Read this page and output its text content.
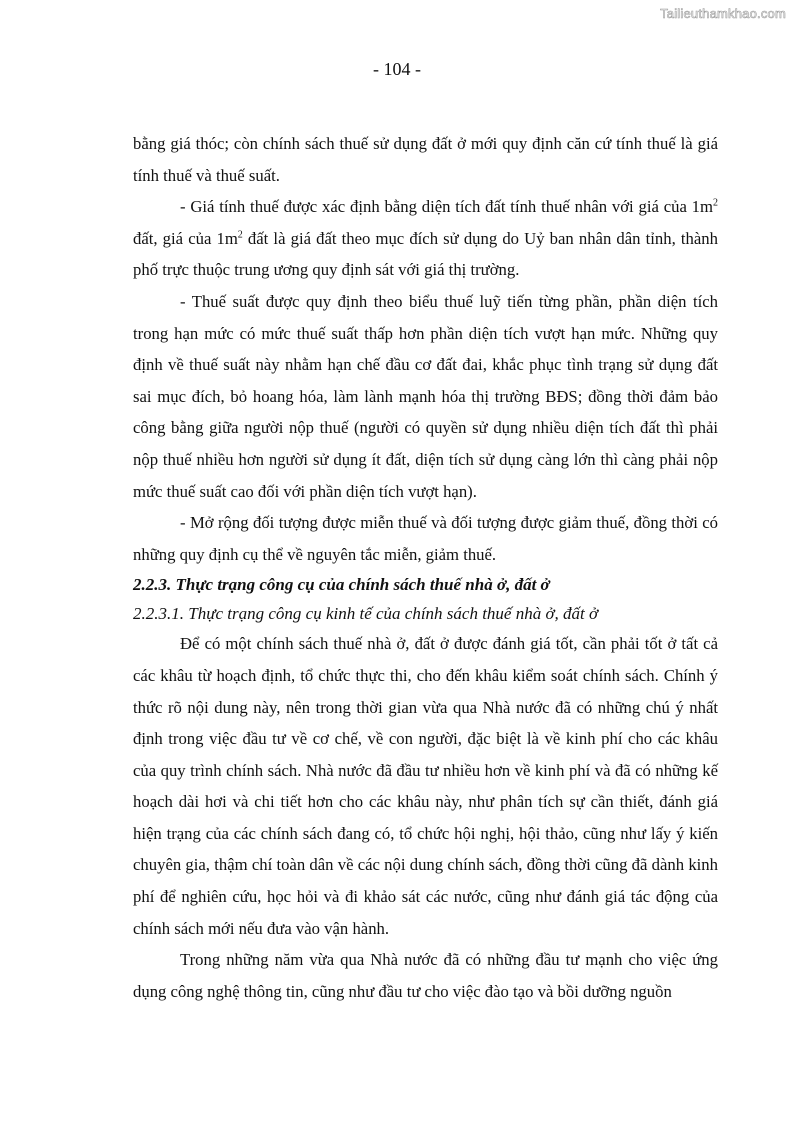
Tailieuthamkhao.com
- 104 -

bằng giá thóc; còn chính sách thuế sử dụng đất ở mới quy định căn cứ tính thuế là giá tính thuế và thuế suất.

- Giá tính thuế được xác định bằng diện tích đất tính thuế nhân với giá của $1m^2$ đất, giá của $1m^2$ đất là giá đất theo mục đích sử dụng do Uỷ ban nhân dân tỉnh, thành phố trực thuộc trung ương quy định sát với giá thị trường.

- Thuế suất được quy định theo biểu thuế luỹ tiến từng phần, phần diện tích trong hạn mức có mức thuế suất thấp hơn phần diện tích vượt hạn mức. Những quy định về thuế suất này nhằm hạn chế đầu cơ đất đai, khắc phục tình trạng sử dụng đất sai mục đích, bỏ hoang hóa, làm lành mạnh hóa thị trường BĐS; đồng thời đảm bảo công bằng giữa người nộp thuế (người có quyền sử dụng nhiều diện tích đất thì phải nộp thuế nhiều hơn người sử dụng ít đất, diện tích sử dụng càng lớn thì càng phải nộp mức thuế suất cao đối với phần diện tích vượt hạn).

- Mở rộng đối tượng được miễn thuế và đối tượng được giảm thuế, đồng thời có những quy định cụ thể về nguyên tắc miễn, giảm thuế.

2.2.3. Thực trạng công cụ của chính sách thuế nhà ở, đất ở

2.2.3.1. Thực trạng công cụ kinh tế của chính sách thuế nhà ở, đất ở

Để có một chính sách thuế nhà ở, đất ở được đánh giá tốt, cần phải tốt ở tất cả các khâu từ hoạch định, tổ chức thực thi, cho đến khâu kiểm soát chính sách. Chính ý thức rõ nội dung này, nên trong thời gian vừa qua Nhà nước đã có những chú ý nhất định trong việc đầu tư về cơ chế, về con người, đặc biệt là về kinh phí cho các khâu của quy trình chính sách. Nhà nước đã đầu tư nhiều hơn về kinh phí và đã có những kế hoạch dài hơi và chi tiết hơn cho các khâu này, như phân tích sự cần thiết, đánh giá hiện trạng của các chính sách đang có, tổ chức hội nghị, hội thảo, cũng như lấy ý kiến chuyên gia, thậm chí toàn dân về các nội dung chính sách, đồng thời cũng đã dành kinh phí để nghiên cứu, học hỏi và đi khảo sát các nước, cũng như đánh giá tác động của chính sách mới nếu đưa vào vận hành.

Trong những năm vừa qua Nhà nước đã có những đầu tư mạnh cho việc ứng dụng công nghệ thông tin, cũng như đầu tư cho việc đào tạo và bồi dưỡng nguồn
